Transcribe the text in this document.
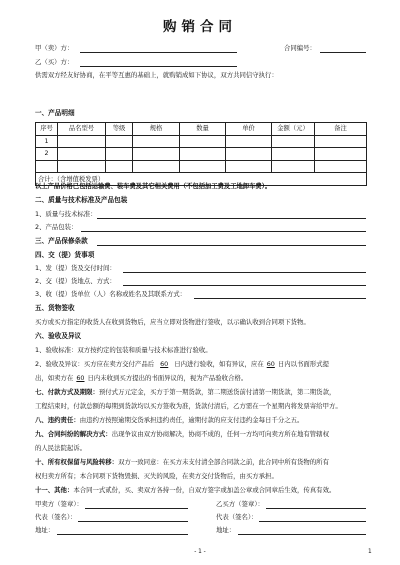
购销合同
甲（卖）方：	合同编号：
乙（买）方：
供需双方经友好协商，在平等互惠的基础上，就购销成如下协议，双方共同信守执行：
一、产品明细
序号	品名型号	等级	规格	数量	单价	金额（元）	备注
1							
2							

合计：（含增值税发票）							
以上产品价格已包括运输费、装车费及其它相关费用（不包括加工费及工地卸车费）。
二、质量与技术标准及产品包装
1、质量与技术标准：
2、产品包装：
三、产品保修条款
四、交（提）货事项
1、发（提）货及交付时间：
2、交（提）货地点、方式：
3、收（提）货单位（人）名称或姓名及其联系方式：
五、货物签收
买方或买方指定的收货人在收到货物后，应当立即对货物进行签收，以示确认收到合同项下货物。
六、验收及异议
1、验收标准：双方按约定的包装和质量与技术标准进行验收。
2、验收及异议：买方应在卖方交付产品后 60 日内进行验收，如有异议，应在 60 日内以书面形式提
出，如卖方在 60 日内未收到买方提出的书面异议的，视为产品验收合格。
七、付款方式及期限：预付式万元定金，买方于第一期货款，第二期送货前付清第一期货款，第二期货款，
工程结束时，付款总额的每期到货款均以买方签收为准，货款付清后，乙方需在一个星期内将发票寄给甲方。
八、违约责任：由违约方按照逾期交货承担违约责任，逾期付款的应支付违约金每日千分之五。
九、合同纠纷的解决方式：出现争议由双方协商解决，协商不成的，任何一方均可向卖方所在地有管辖权
的人民法院起诉。
十、所有权保留与风险转移：双方一致同意：在买方未支付清全部合同款之前，此合同中所有货物的所有
权归卖方所有；本合同项下货物毁损、灭失的风险，在卖方交付货物后，由买方承担。
十一、其他：本合同一式贰份，买、卖双方各持一份，自双方签字或加盖公章或合同章后生效，传真有效。
甲卖方（签章）：
代表（签名）：
地址：
乙买方（签章）：
代表（签名）：
地址：
- 1 -	1
